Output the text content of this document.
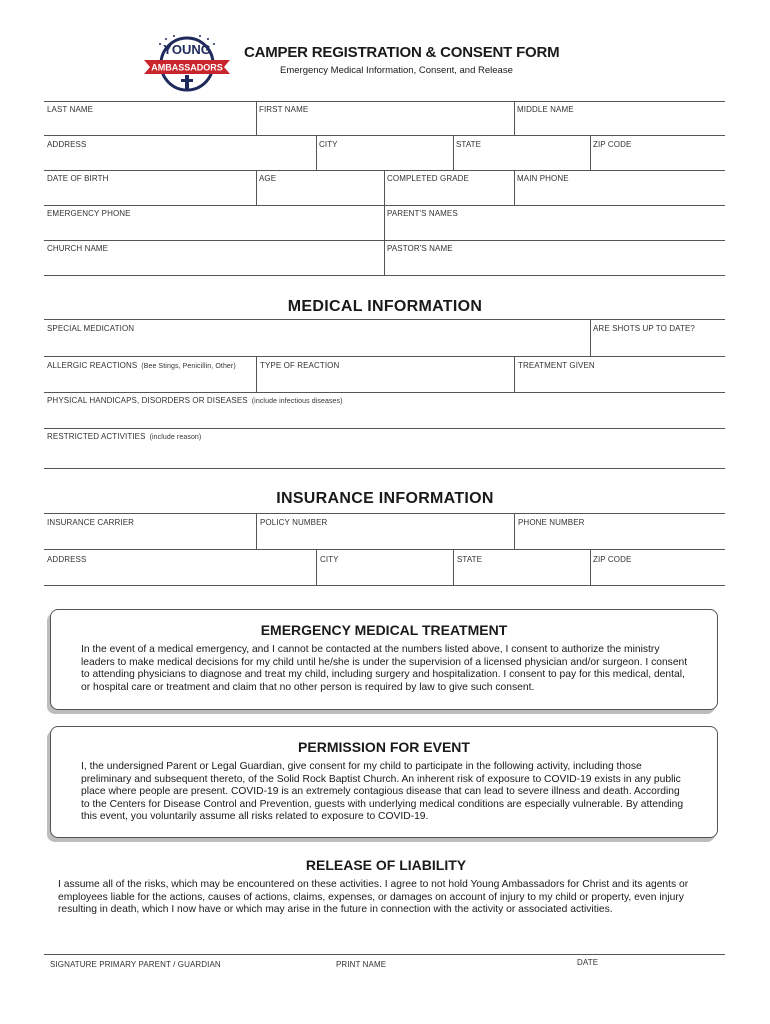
YOUNG
AMBASSADORS
CAMPER REGISTRATION & CONSENT FORM
Emergency Medical Information, Consent, and Release
LAST NAME	FIRST NAME	MIDDLE NAME
ADDRESS	CITY	STATE	ZIP CODE
DATE OF BIRTH	AGE	COMPLETED GRADE	MAIN PHONE
EMERGENCY PHONE	PARENT'S NAMES
CHURCH NAME	PASTOR'S NAME
MEDICAL INFORMATION
SPECIAL MEDICATION	ARE SHOTS UP TO DATE?
ALLERGIC REACTIONS (Bee Stings, Penicillin, Other)	TYPE OF REACTION	TREATMENT GIVEN
PHYSICAL HANDICAPS, DISORDERS OR DISEASES (include infectious diseases)
RESTRICTED ACTIVITIES (include reason)
INSURANCE INFORMATION
INSURANCE CARRIER	POLICY NUMBER	PHONE NUMBER
ADDRESS	CITY	STATE	ZIP CODE
EMERGENCY MEDICAL TREATMENT

In the event of a medical emergency, and I cannot be contacted at the numbers listed above, I consent to authorize the ministry leaders to make medical decisions for my child until he/she is under the supervision of a licensed physician and/or surgeon. I consent to attending physicians to diagnose and treat my child, including surgery and hospitalization. I consent to pay for this medical, dental, or hospital care or treatment and claim that no other person is required by law to give such consent.

PERMISSION FOR EVENT

I, the undersigned Parent or Legal Guardian, give consent for my child to participate in the following activity, including those preliminary and subsequent thereto, of the Solid Rock Baptist Church. An inherent risk of exposure to COVID-19 exists in any public place where people are present. COVID-19 is an extremely contagious disease that can lead to severe illness and death. According to the Centers for Disease Control and Prevention, guests with underlying medical conditions are especially vulnerable. By attending this event, you voluntarily assume all risks related to exposure to COVID-19.

RELEASE OF LIABILITY

I assume all of the risks, which may be encountered on these activities. I agree to not hold Young Ambassadors for Christ and its agents or employees liable for the actions, causes of actions, claims, expenses, or damages on account of injury to my child or property, even injury resulting in death, which I now have or which may arise in the future in connection with the activity or associated activities.

SIGNATURE PRIMARY PARENT / GUARDIAN	PRINT NAME	DATE
